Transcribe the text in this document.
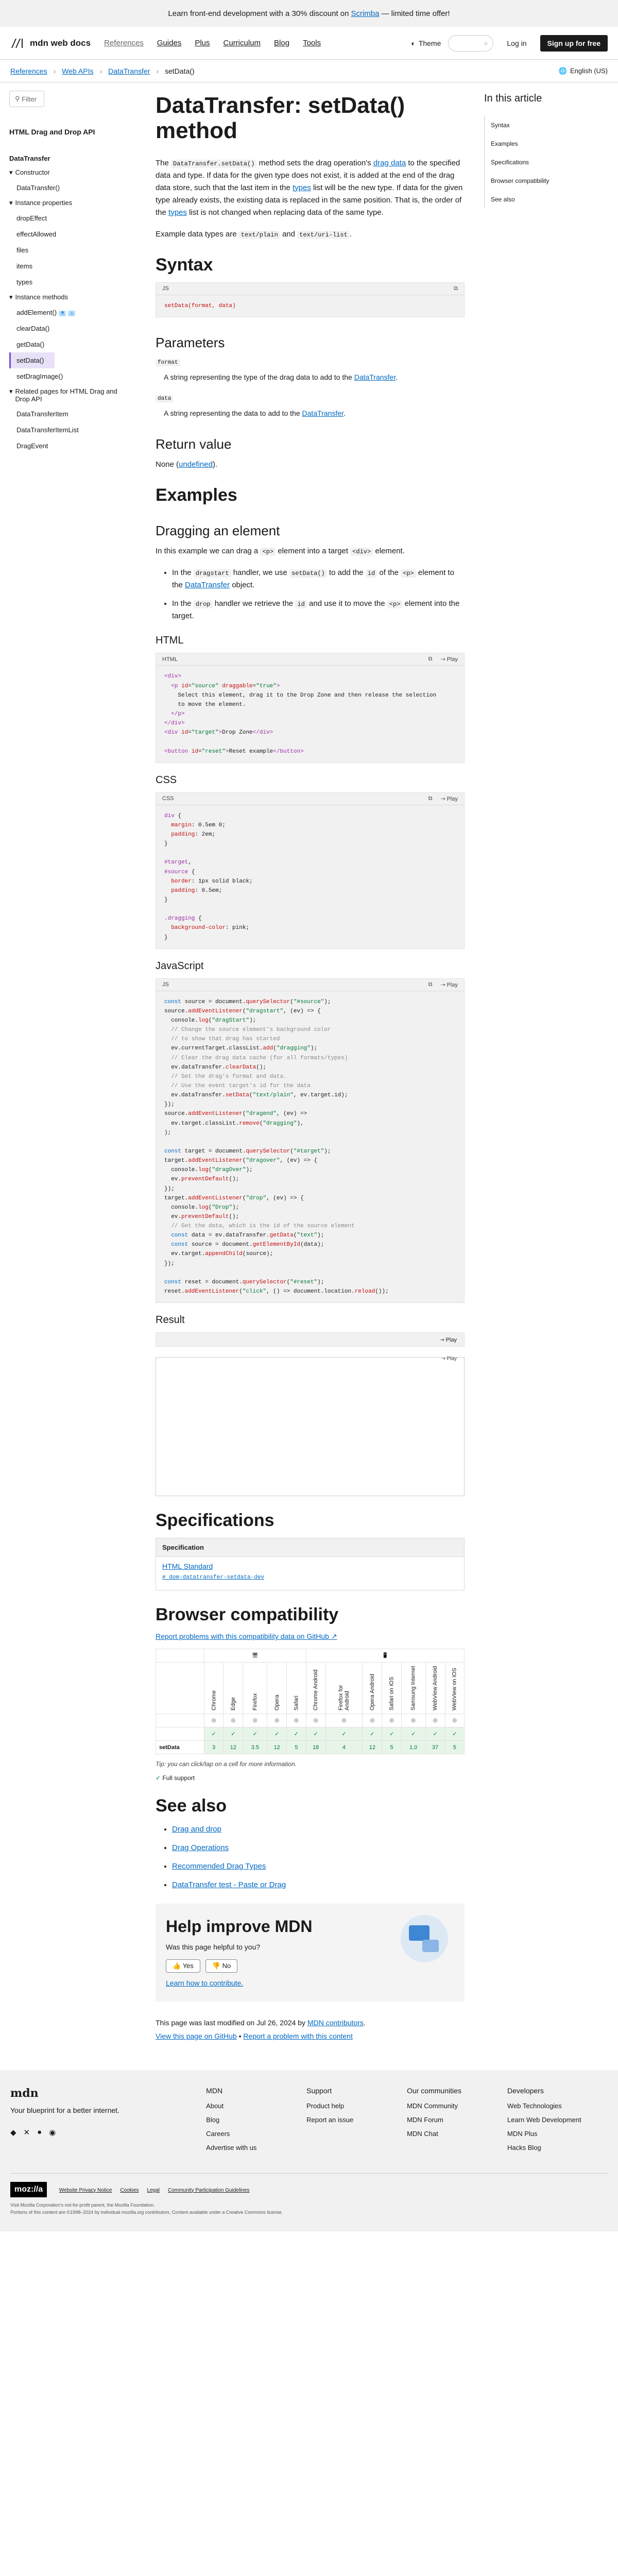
Learn front-end development with a 30% discount on Scrimba — limited time offer!
mdn web docs References Guides Plus Curriculum Blog Tools	◐ Theme	⌕	Log in	Sign up for free
References › Web APIs › DataTransfer › setData()	🌐 English (US)
⚲
Filter
HTML Drag and Drop API
DataTransfer
▾ Constructor
DataTransfer()
▾ Instance properties
dropEffect
effectAllowed
files
items
types
▾ Instance methods
addElement() ⚗ ⚠
clearData()
getData()
setData()
setDragImage()
▾ Related pages for HTML Drag and Drop API
DataTransferItem
DataTransferItemList
DragEvent
DataTransfer: setData() method

The DataTransfer.setData() method sets the drag operation's drag data to the specified data and type. If data for the given type does not exist, it is added at the end of the drag data store, such that the last item in the types list will be the new type. If data for the given type already exists, the existing data is replaced in the same position. That is, the order of the types list is not changed when replacing data of the same type.

Example data types are text/plain and text/uri-list .

Syntax
JS	⧉
setData(format, data)
Parameters
format
A string representing the type of the drag data to add to the DataTransfer.
data
A string representing the data to add to the DataTransfer.
Return value

None (undefined).

Examples
Dragging an element

In this example we can drag a <p> element into a target <div> element.

• In the dragstart handler, we use setData() to add the id of the <p> element to the DataTransfer object.
• In the drop handler we retrieve the id and use it to move the <p> element into the target.
HTML
HTML	⧉ ⇢ Play
<div>
<p id="source" draggable="true">
Select this element, drag it to the Drop Zone and then release the selection
to move the element.
</p>
</div>
<div id="target">Drop Zone</div>

<button id="reset">Reset example</button>
CSS
CSS	⧉ ⇢ Play
div {
margin: 0.5em 0;
padding: 2em;
}

#target,
#source {
border: 1px solid black;
padding: 0.5em;
}

.dragging {
background-color: pink;
}
JavaScript
JS	⧉ ⇢ Play
const source = document.querySelector("#source");
source.addEventListener("dragstart", (ev) => {
console.log("dragStart");
// Change the source element's background color
// to show that drag has started
ev.currentTarget.classList.add("dragging");
// Clear the drag data cache (for all formats/types)
ev.dataTransfer.clearData();
// Set the drag's format and data.
// Use the event target's id for the data
ev.dataTransfer.setData("text/plain", ev.target.id);
});
source.addEventListener("dragend", (ev) =>
ev.target.classList.remove("dragging"),
);

const target = document.querySelector("#target");
target.addEventListener("dragover", (ev) => {
console.log("dragOver");
ev.preventDefault();
});
target.addEventListener("drop", (ev) => {
console.log("Drop");
ev.preventDefault();
// Get the data, which is the id of the source element
const data = ev.dataTransfer.getData("text");
const source = document.getElementById(data);
ev.target.appendChild(source);
});

const reset = document.querySelector("#reset");
reset.addEventListener("click", () => document.location.reload());
Result
⇢ Play
⇢ Play
Specifications
Specification
HTML Standard
# dom-datatransfer-setdata-dev
Browser compatibility
Report problems with this compatibility data on GitHub ↗
	🖥					📱						
	Chrome	Edge	Firefox	Opera	Safari	Chrome Android	Firefox for Android	Opera Android	Safari on iOS	Samsung Internet	WebView Android	WebView on iOS
	◎	◎	◎	◎	◎	◎	◎	◎	◎	◎	◎	◎
	✓	✓	✓	✓	✓	✓	✓	✓	✓	✓	✓	✓
setData	3	12	3.5	12	5	18	4	12	5	1.0	37	5

Tip: you can click/tap on a cell for more information.

✓ Full support
See also
• Drag and drop
• Drag Operations
• Recommended Drag Types
• DataTransfer test - Paste or Drag
Help improve MDN

Was this page helpful to you?

👍 Yes	👎 No
Learn how to contribute.

This page was last modified on Jul 26, 2024 by MDN contributors.

View this page on GitHub • Report a problem with this content

In this article
Syntax
Examples
Specifications
Browser compatibility
See also
mdn
Your blueprint for a better internet.
◆ ✕ ● ◉
MDN
About
Blog
Careers
Advertise with us
Support
Product help
Report an issue
Our communities
MDN Community
MDN Forum
MDN Chat
Developers
Web Technologies
Learn Web Development
MDN Plus
Hacks Blog
moz://a	Website Privacy Notice Cookies Legal Community Participation Guidelines
Visit Mozilla Corporation's not-for-profit parent, the Mozilla Foundation.
Portions of this content are ©1998–2024 by individual mozilla.org contributors. Content available under a Creative Commons license.
